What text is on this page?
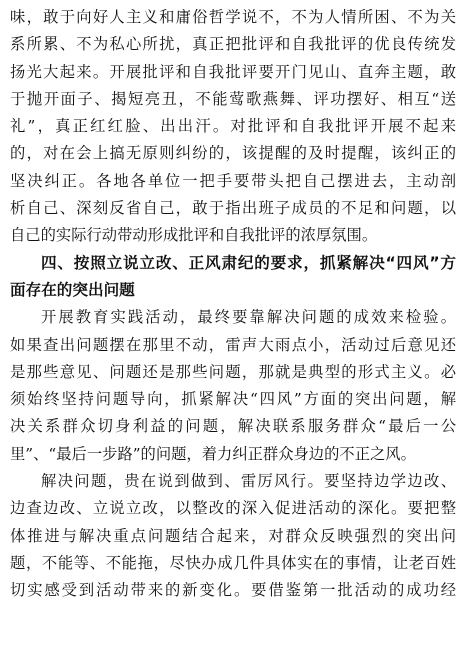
味，敢于向好人主义和庸俗哲学说不，不为人情所困、不为关
系所累、不为私心所扰，真正把批评和自我批评的优良传统发
扬光大起来。开展批评和自我批评要开门见山、直奔主题，敢
于抛开面子、揭短亮丑，不能莺歌燕舞、评功摆好、相互“送
礼”，真正红红脸、出出汗。对批评和自我批评开展不起来
的，对在会上搞无原则纠纷的，该提醒的及时提醒，该纠正的
坚决纠正。各地各单位一把手要带头把自己摆进去，主动剖
析自己、深刻反省自己，敢于指出班子成员的不足和问题，以
自己的实际行动带动形成批评和自我批评的浓厚氛围。
四、按照立说立改、正风肃纪的要求，抓紧解决“四风”方
面存在的突出问题
开展教育实践活动，最终要靠解决问题的成效来检验。
如果查出问题摆在那里不动，雷声大雨点小，活动过后意见还
是那些意见、问题还是那些问题，那就是典型的形式主义。必
须始终坚持问题导向，抓紧解决“四风”方面的突出问题，解
决关系群众切身利益的问题，解决联系服务群众“最后一公
里”、“最后一步路”的问题，着力纠正群众身边的不正之风。
解决问题，贵在说到做到、雷厉风行。要坚持边学边改、
边查边改、立说立改，以整改的深入促进活动的深化。要把整
体推进与解决重点问题结合起来，对群众反映强烈的突出问
题，不能等、不能拖，尽快办成几件具体实在的事情，让老百姓
切实感受到活动带来的新变化。要借鉴第一批活动的成功经
